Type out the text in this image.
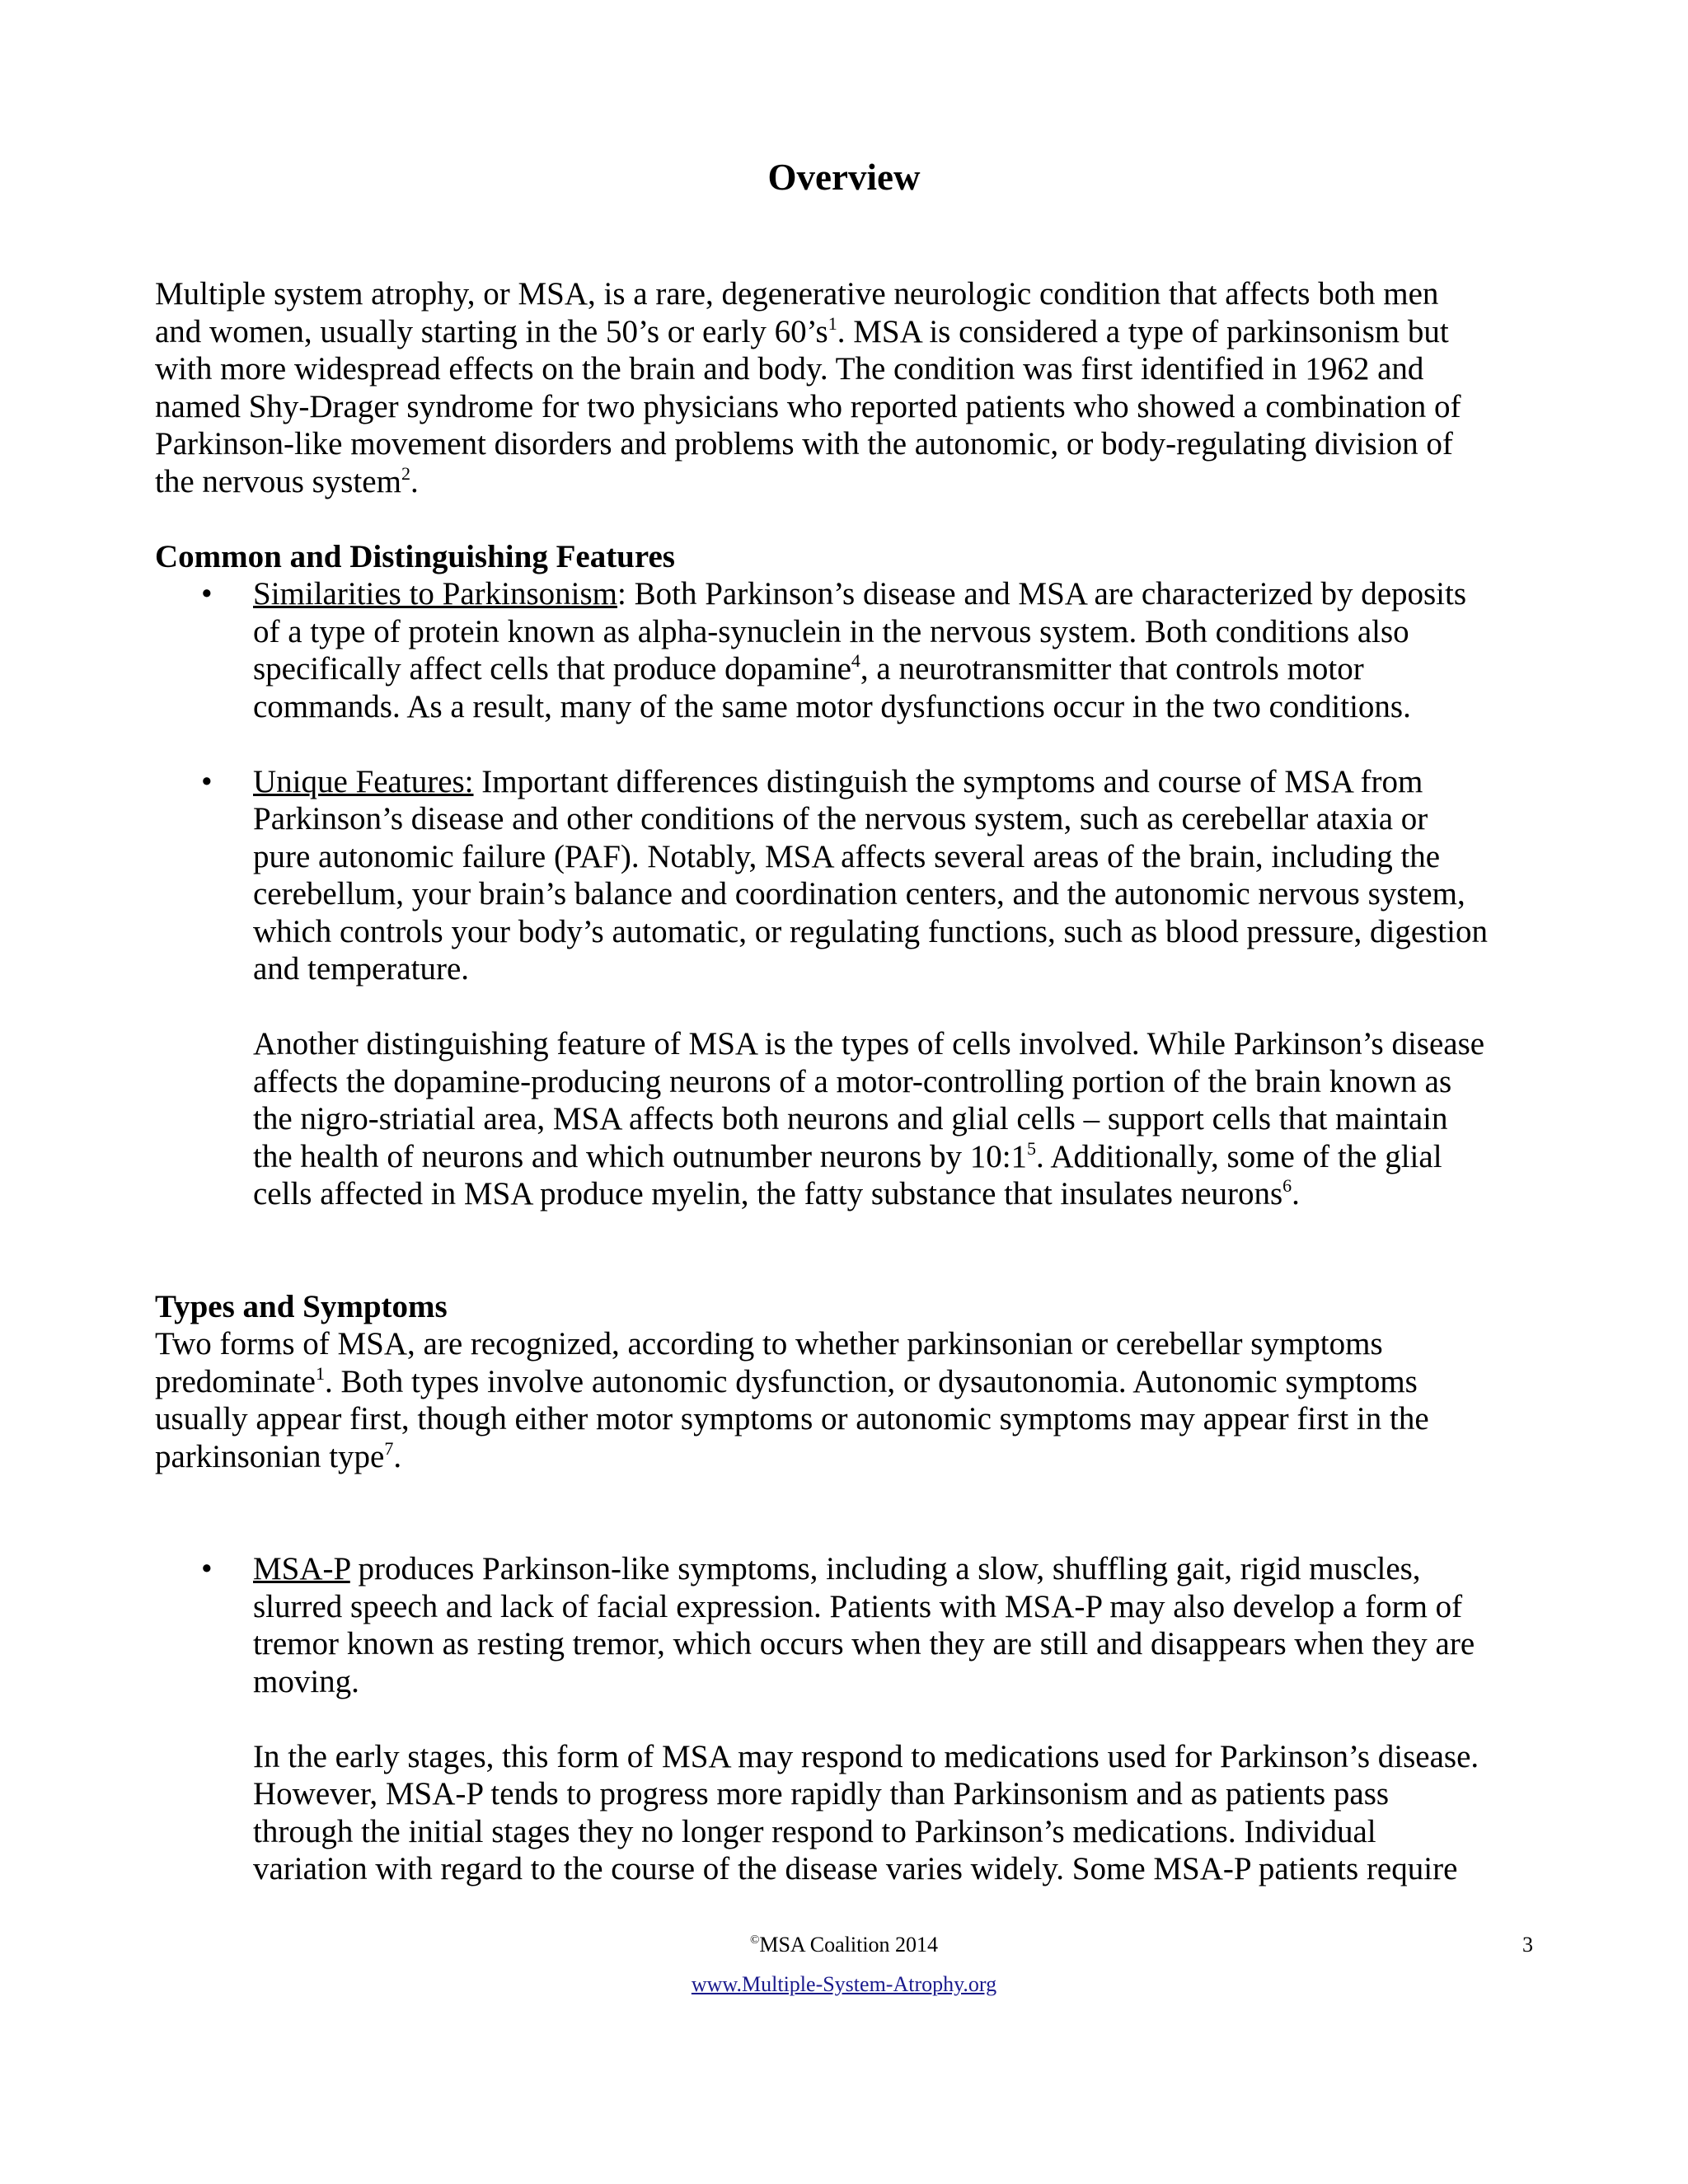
Overview

Multiple system atrophy, or MSA, is a rare, degenerative neurologic condition that affects both men

and women, usually starting in the 50’s or early $60’s^1$. MSA is considered a type of parkinsonism but

with more widespread effects on the brain and body. The condition was first identified in 1962 and

named Shy-Drager syndrome for two physicians who reported patients who showed a combination of

Parkinson-like movement disorders and problems with the autonomic, or body-regulating division of

the nervous system$^2$.

Common and Distinguishing Features

•	Similarities to Parkinsonism: Both Parkinson’s disease and MSA are characterized by deposits

of a type of protein known as alpha-synuclein in the nervous system. Both conditions also

specifically affect cells that produce dopamine$^4$, a neurotransmitter that controls motor

commands. As a result, many of the same motor dysfunctions occur in the two conditions.

•	Unique Features: Important differences distinguish the symptoms and course of MSA from

Parkinson’s disease and other conditions of the nervous system, such as cerebellar ataxia or

pure autonomic failure (PAF). Notably, MSA affects several areas of the brain, including the

cerebellum, your brain’s balance and coordination centers, and the autonomic nervous system,

which controls your body’s automatic, or regulating functions, such as blood pressure, digestion

and temperature.

Another distinguishing feature of MSA is the types of cells involved. While Parkinson’s disease

affects the dopamine-producing neurons of a motor-controlling portion of the brain known as

the nigro-striatial area, MSA affects both neurons and glial cells – support cells that maintain

the health of neurons and which outnumber neurons by $10:1^5$. Additionally, some of the glial

cells affected in MSA produce myelin, the fatty substance that insulates neurons$^6$.

Types and Symptoms

Two forms of MSA, are recognized, according to whether parkinsonian or cerebellar symptoms

predominate$^1$. Both types involve autonomic dysfunction, or dysautonomia. Autonomic symptoms

usually appear first, though either motor symptoms or autonomic symptoms may appear first in the

parkinsonian type$^7$.

•	MSA-P produces Parkinson-like symptoms, including a slow, shuffling gait, rigid muscles,

slurred speech and lack of facial expression. Patients with MSA-P may also develop a form of

tremor known as resting tremor, which occurs when they are still and disappears when they are

moving.

In the early stages, this form of MSA may respond to medications used for Parkinson’s disease.

However, MSA-P tends to progress more rapidly than Parkinsonism and as patients pass

through the initial stages they no longer respond to Parkinson’s medications. Individual

variation with regard to the course of the disease varies widely. Some MSA-P patients require

©MSA Coalition 2014	3
www.Multiple-System-Atrophy.org
